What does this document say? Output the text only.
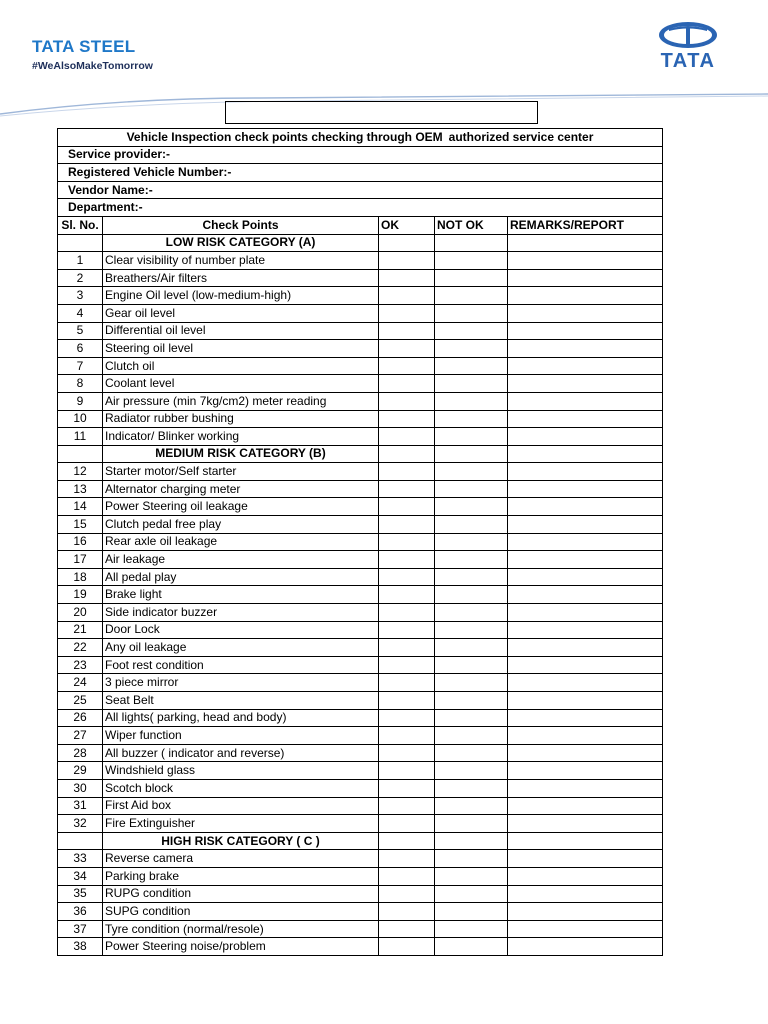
TATA STEEL
#WeAlsoMakeTomorrow	TATA
Vehicle Inspection check points checking through OEM authorized service center				
Service provider:-				
Registered Vehicle Number:-				
Vendor Name:-				
Department:-				
Sl. No.	Check Points	OK	NOT OK	REMARKS/REPORT
	LOW RISK CATEGORY (A)			
1	Clear visibility of number plate			
2	Breathers/Air filters			
3	Engine Oil level (low-medium-high)			
4	Gear oil level			
5	Differential oil level			
6	Steering oil level			
7	Clutch oil			
8	Coolant level			
9	Air pressure (min 7kg/cm2) meter reading			
10	Radiator rubber bushing			
11	Indicator/ Blinker working			
	MEDIUM RISK CATEGORY (B)			
12	Starter motor/Self starter			
13	Alternator charging meter			
14	Power Steering oil leakage			
15	Clutch pedal free play			
16	Rear axle oil leakage			
17	Air leakage			
18	All pedal play			
19	Brake light			
20	Side indicator buzzer			
21	Door Lock			
22	Any oil leakage			
23	Foot rest condition			
24	3 piece mirror			
25	Seat Belt			
26	All lights( parking, head and body)			
27	Wiper function			
28	All buzzer ( indicator and reverse)			
29	Windshield glass			
30	Scotch block			
31	First Aid box			
32	Fire Extinguisher			
	HIGH RISK CATEGORY ( C )			
33	Reverse camera			
34	Parking brake			
35	RUPG condition			
36	SUPG condition			
37	Tyre condition (normal/resole)			
38	Power Steering noise/problem			
